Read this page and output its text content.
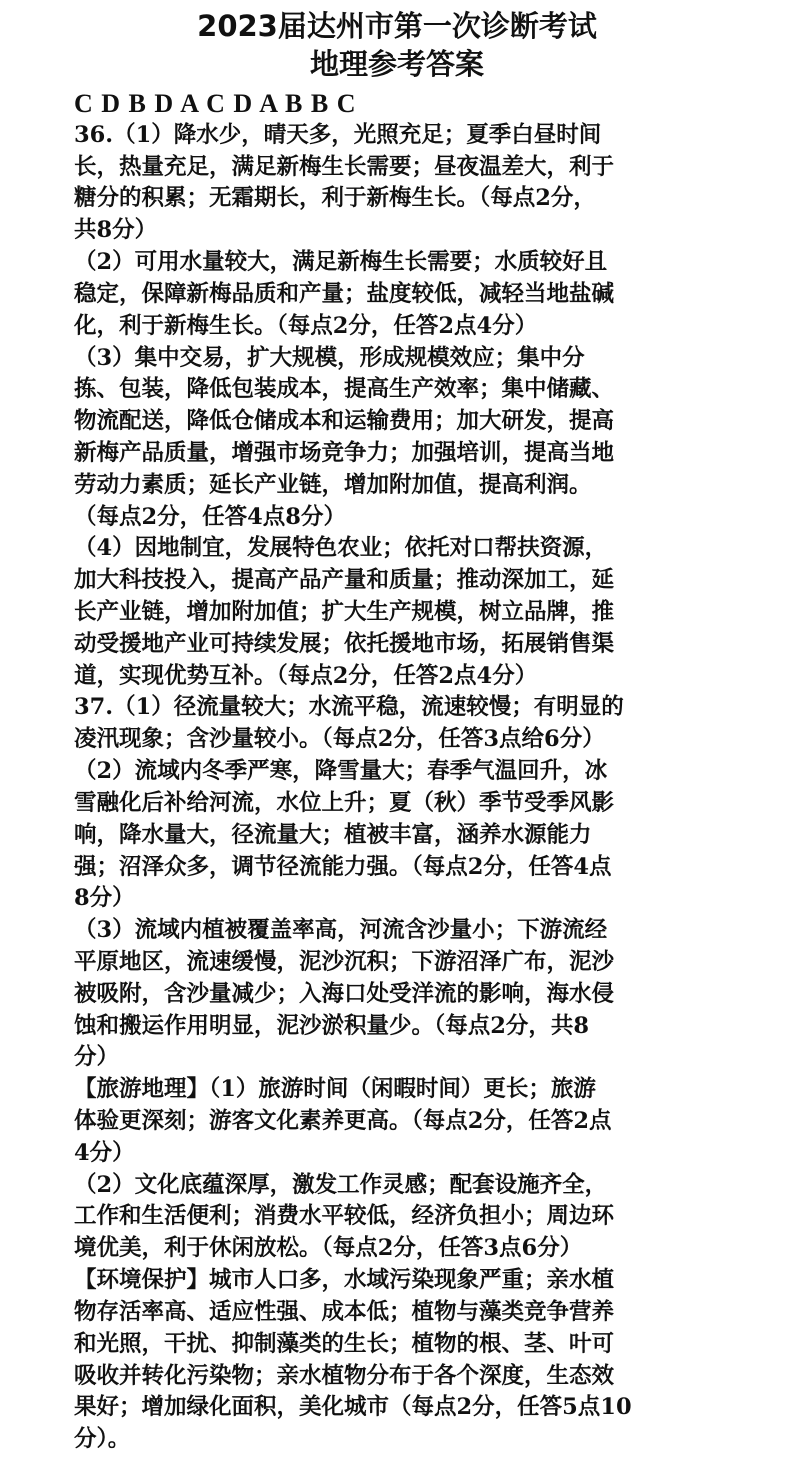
2023届达州市第一次诊断考试
地理参考答案
C D B D A C D A B B C
36.（1）降水少，晴天多，光照充足；夏季白昼时间
长，热量充足，满足新梅生长需要；昼夜温差大，利于
糖分的积累；无霜期长，利于新梅生长。（每点2分，
共8分）
（2）可用水量较大，满足新梅生长需要；水质较好且
稳定，保障新梅品质和产量；盐度较低，减轻当地盐碱
化，利于新梅生长。（每点2分，任答2点4分）
（3）集中交易，扩大规模，形成规模效应；集中分
拣、包装，降低包装成本，提高生产效率；集中储藏、
物流配送，降低仓储成本和运输费用；加大研发，提高
新梅产品质量，增强市场竞争力；加强培训，提高当地
劳动力素质；延长产业链，增加附加值，提高利润。
（每点2分，任答4点8分）
（4）因地制宜，发展特色农业；依托对口帮扶资源，
加大科技投入，提高产品产量和质量；推动深加工，延
长产业链，增加附加值；扩大生产规模，树立品牌，推
动受援地产业可持续发展；依托援地市场，拓展销售渠
道，实现优势互补。（每点2分，任答2点4分）
37.（1）径流量较大；水流平稳，流速较慢；有明显的
凌汛现象；含沙量较小。（每点2分，任答3点给6分）
（2）流域内冬季严寒，降雪量大；春季气温回升，冰
雪融化后补给河流，水位上升；夏（秋）季节受季风影
响，降水量大，径流量大；植被丰富，涵养水源能力
强；沼泽众多，调节径流能力强。（每点2分，任答4点
8分）
（3）流域内植被覆盖率高，河流含沙量小；下游流经
平原地区，流速缓慢，泥沙沉积；下游沼泽广布，泥沙
被吸附，含沙量减少；入海口处受洋流的影响，海水侵
蚀和搬运作用明显，泥沙淤积量少。（每点2分，共8
分）
【旅游地理】（1）旅游时间（闲暇时间）更长；旅游
体验更深刻；游客文化素养更高。（每点2分，任答2点
4分）
（2）文化底蕴深厚，激发工作灵感；配套设施齐全，
工作和生活便利；消费水平较低，经济负担小；周边环
境优美，利于休闲放松。（每点2分，任答3点6分）
【环境保护】城市人口多，水域污染现象严重；亲水植
物存活率高、适应性强、成本低；植物与藻类竞争营养
和光照，干扰、抑制藻类的生长；植物的根、茎、叶可
吸收并转化污染物；亲水植物分布于各个深度，生态效
果好；增加绿化面积，美化城市（每点2分，任答5点10
分）。
